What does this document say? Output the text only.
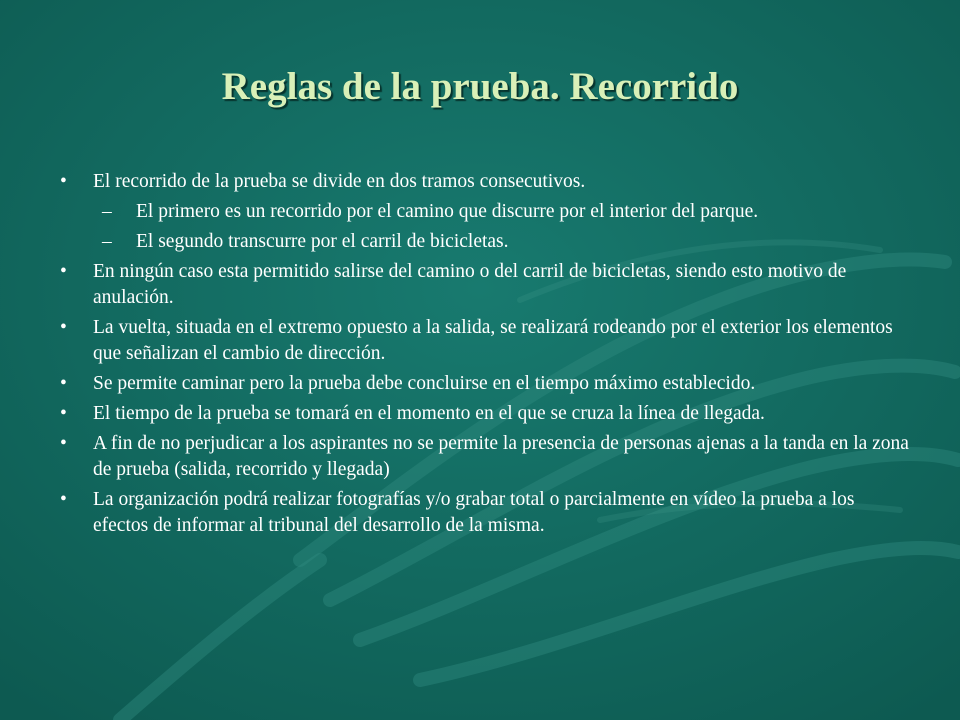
Reglas de la prueba. Recorrido
• El recorrido de la prueba se divide en dos tramos consecutivos.
– El primero es un recorrido por el camino que discurre por el interior del parque.
– El segundo transcurre por el carril de bicicletas.
• En ningún caso esta permitido salirse del camino o del carril de bicicletas, siendo esto motivo de anulación.
• La vuelta, situada en el extremo opuesto a la salida, se realizará rodeando por el exterior los elementos que señalizan el cambio de dirección.
• Se permite caminar pero la prueba debe concluirse en el tiempo máximo establecido.
• El tiempo de la prueba se tomará en el momento en el que se cruza la línea de llegada.
• A fin de no perjudicar a los aspirantes no se permite la presencia de personas ajenas a la tanda en la zona de prueba (salida, recorrido y llegada)
• La organización podrá realizar fotografías y/o grabar total o parcialmente en vídeo la prueba a los efectos de informar al tribunal del desarrollo de la misma.
